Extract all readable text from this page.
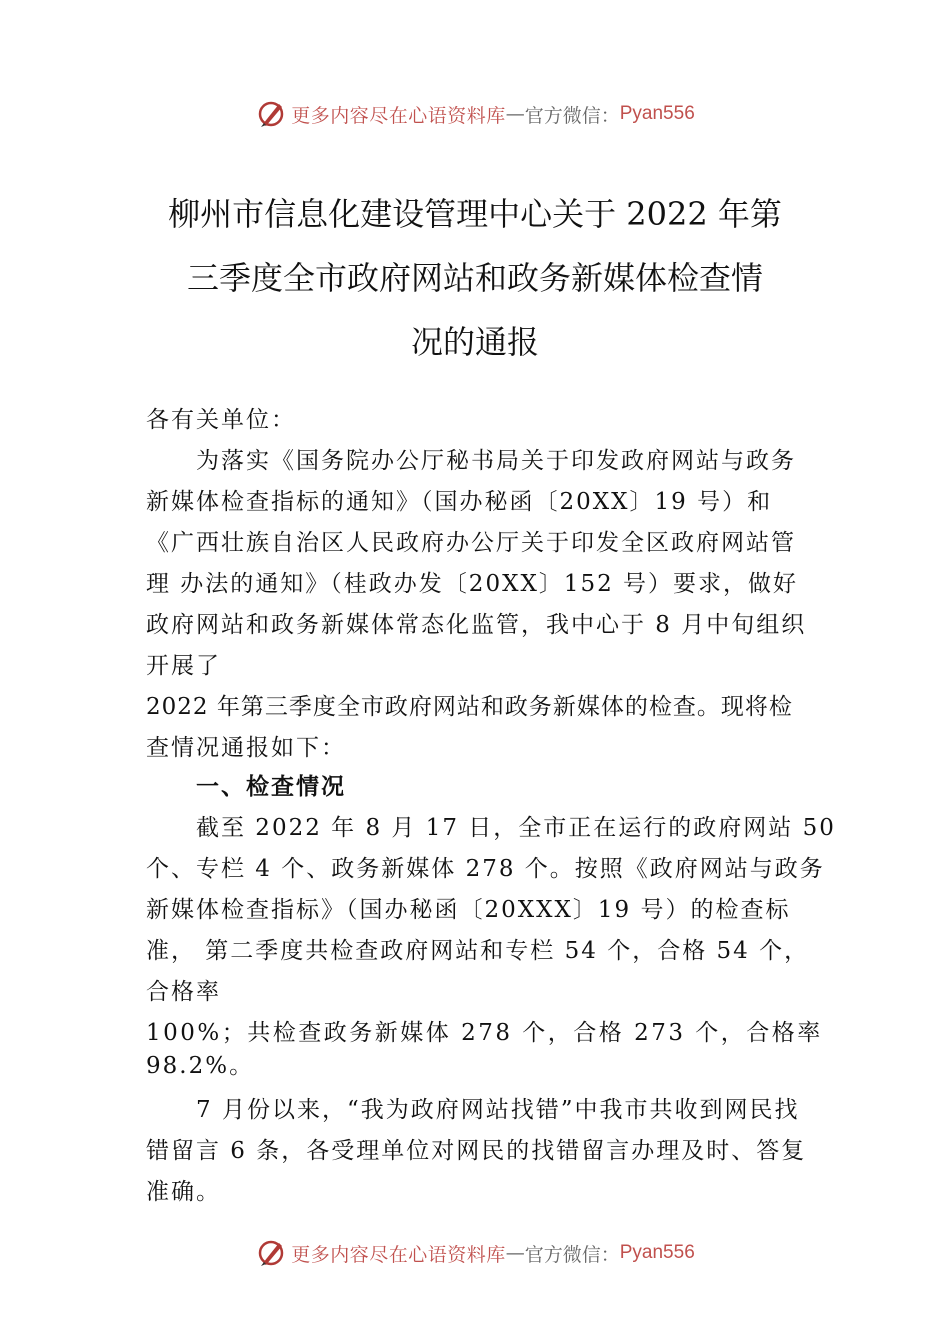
更多内容尽在心语资料库 — 官方微信： Pyan556
柳州市信息化建设管理中心关于 2022 年第
三季度全市政府网站和政务新媒体检查情
况的通报
各有关单位：
为落实《国务院办公厅秘书局关于印发政府网站与政务
新媒体检查指标的通知》（国办秘函〔20XX〕19 号）和
《广西壮族自治区人民政府办公厅关于印发全区政府网站管
理 办法的通知》（桂政办发〔20XX〕152 号）要求，做好
政府网站和政务新媒体常态化监管，我中心于 8 月中旬组织
开展了
2022 年第三季度全市政府网站和政务新媒体的检查。现将检
查情况通报如下：
一、检查情况
截至 2022 年 8 月 17 日，全市正在运行的政府网站 50
个、专栏 4 个、政务新媒体 278 个。按照《政府网站与政务
新媒体检查指标》（国办秘函〔20XXX〕19 号）的检查标
准， 第二季度共检查政府网站和专栏 54 个，合格 54 个，
合格率
100%；共检查政务新媒体 278 个，合格 273 个，合格率
98.2%。
7 月份以来，“我为政府网站找错”中我市共收到网民找
错留言 6 条，各受理单位对网民的找错留言办理及时、答复
准确。
更多内容尽在心语资料库 — 官方微信： Pyan556
